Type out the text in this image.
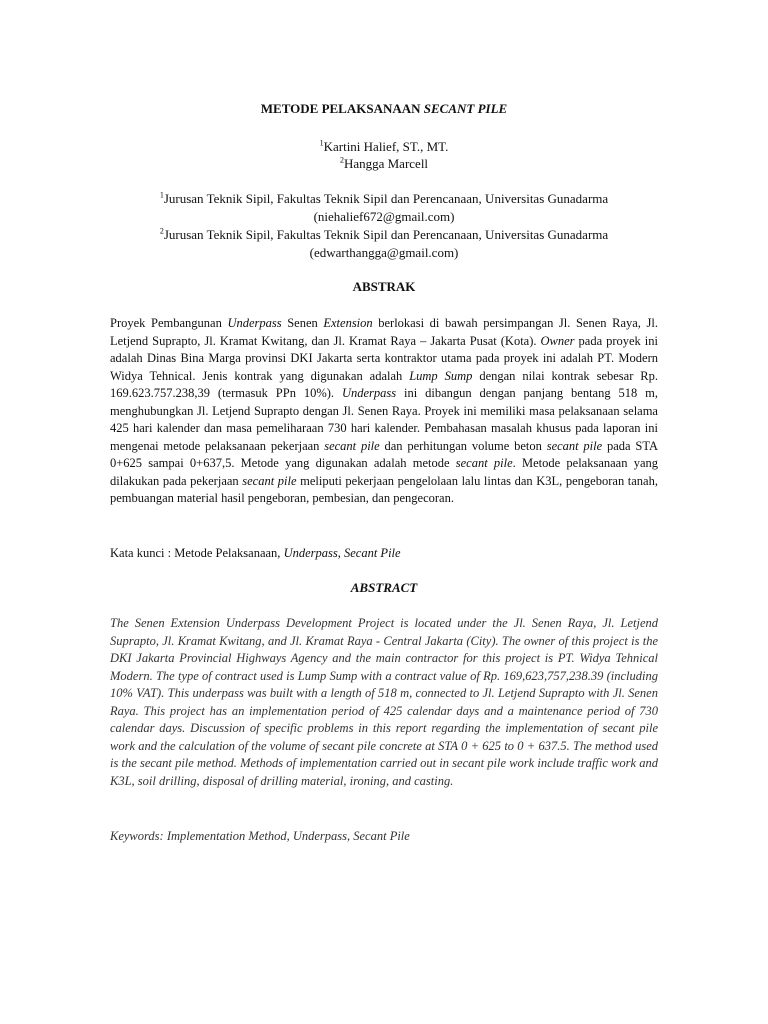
METODE PELAKSANAAN SECANT PILE

$^1$Kartini Halief, ST., MT.

$^2$Hangga Marcell

$^1$Jurusan Teknik Sipil, Fakultas Teknik Sipil dan Perencanaan, Universitas Gunadarma

(niehalief672@gmail.com)

$^2$Jurusan Teknik Sipil, Fakultas Teknik Sipil dan Perencanaan, Universitas Gunadarma

(edwarthangga@gmail.com)

ABSTRAK

Proyek Pembangunan Underpass Senen Extension berlokasi di bawah persimpangan Jl. Senen Raya, Jl. Letjend Suprapto, Jl. Kramat Kwitang, dan Jl. Kramat Raya – Jakarta Pusat (Kota). Owner pada proyek ini adalah Dinas Bina Marga provinsi DKI Jakarta serta kontraktor utama pada proyek ini adalah PT. Modern Widya Tehnical. Jenis kontrak yang digunakan adalah Lump Sump dengan nilai kontrak sebesar Rp. 169.623.757.238,39 (termasuk PPn 10%). Underpass ini dibangun dengan panjang bentang 518 m, menghubungkan Jl. Letjend Suprapto dengan Jl. Senen Raya. Proyek ini memiliki masa pelaksanaan selama 425 hari kalender dan masa pemeliharaan 730 hari kalender. Pembahasan masalah khusus pada laporan ini mengenai metode pelaksanaan pekerjaan secant pile dan perhitungan volume beton secant pile pada STA 0+625 sampai 0+637,5. Metode yang digunakan adalah metode secant pile. Metode pelaksanaan yang dilakukan pada pekerjaan secant pile meliputi pekerjaan pengelolaan lalu lintas dan K3L, pengeboran tanah, pembuangan material hasil pengeboran, pembesian, dan pengecoran.

Kata kunci : Metode Pelaksanaan, Underpass, Secant Pile

ABSTRACT

The Senen Extension Underpass Development Project is located under the Jl. Senen Raya, Jl. Letjend Suprapto, Jl. Kramat Kwitang, and Jl. Kramat Raya - Central Jakarta (City). The owner of this project is the DKI Jakarta Provincial Highways Agency and the main contractor for this project is PT. Widya Tehnical Modern. The type of contract used is Lump Sump with a contract value of Rp. 169,623,757,238.39 (including 10% VAT). This underpass was built with a length of 518 m, connected to Jl. Letjend Suprapto with Jl. Senen Raya. This project has an implementation period of 425 calendar days and a maintenance period of 730 calendar days. Discussion of specific problems in this report regarding the implementation of secant pile work and the calculation of the volume of secant pile concrete at STA 0 + 625 to 0 + 637.5. The method used is the secant pile method. Methods of implementation carried out in secant pile work include traffic work and K3L, soil drilling, disposal of drilling material, ironing, and casting.

Keywords: Implementation Method, Underpass, Secant Pile
